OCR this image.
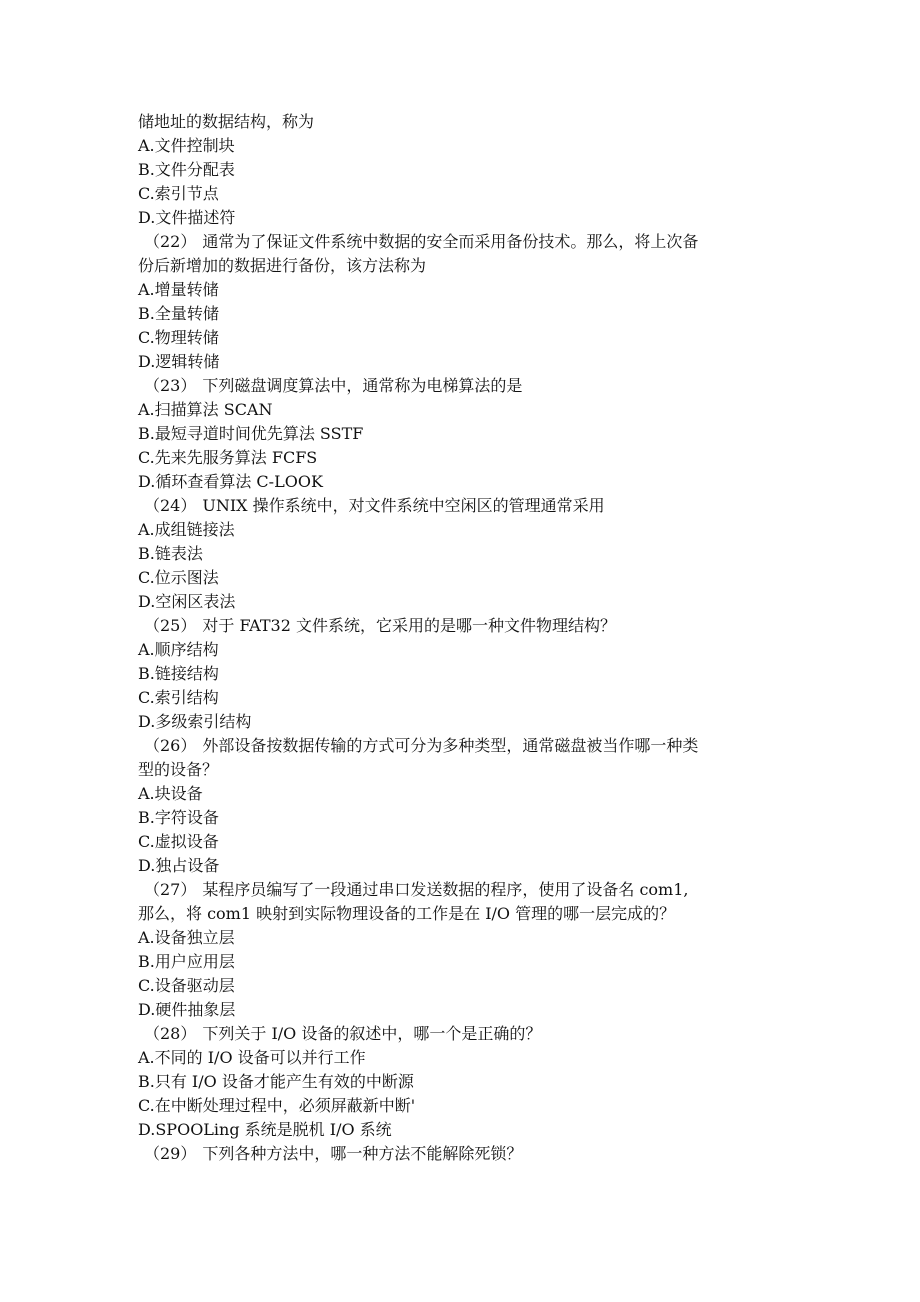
储地址的数据结构，称为
A.文件控制块
B.文件分配表
C.索引节点
D.文件描述符
（22） 通常为了保证文件系统中数据的安全而采用备份技术。那么，将上次备
份后新增加的数据进行备份，该方法称为
A.增量转储
B.全量转储
C.物理转储
D.逻辑转储
（23） 下列磁盘调度算法中，通常称为电梯算法的是
A.扫描算法 SCAN
B.最短寻道时间优先算法 SSTF
C.先来先服务算法 FCFS
D.循环查看算法 C-LOOK
（24） UNIX 操作系统中，对文件系统中空闲区的管理通常采用
A.成组链接法
B.链表法
C.位示图法
D.空闲区表法
（25） 对于 FAT32 文件系统，它采用的是哪一种文件物理结构？
A.顺序结构
B.链接结构
C.索引结构
D.多级索引结构
（26） 外部设备按数据传输的方式可分为多种类型，通常磁盘被当作哪一种类
型的设备？
A.块设备
B.字符设备
C.虚拟设备
D.独占设备
（27） 某程序员编写了一段通过串口发送数据的程序，使用了设备名 com1,
那么，将 com1 映射到实际物理设备的工作是在 I/O 管理的哪一层完成的？
A.设备独立层
B.用户应用层
C.设备驱动层
D.硬件抽象层
（28） 下列关于 I/O 设备的叙述中，哪一个是正确的？
A.不同的 I/O 设备可以并行工作
B.只有 I/O 设备才能产生有效的中断源
C.在中断处理过程中，必须屏蔽新中断'
D.SPOOLing 系统是脱机 I/O 系统
（29） 下列各种方法中，哪一种方法不能解除死锁？
